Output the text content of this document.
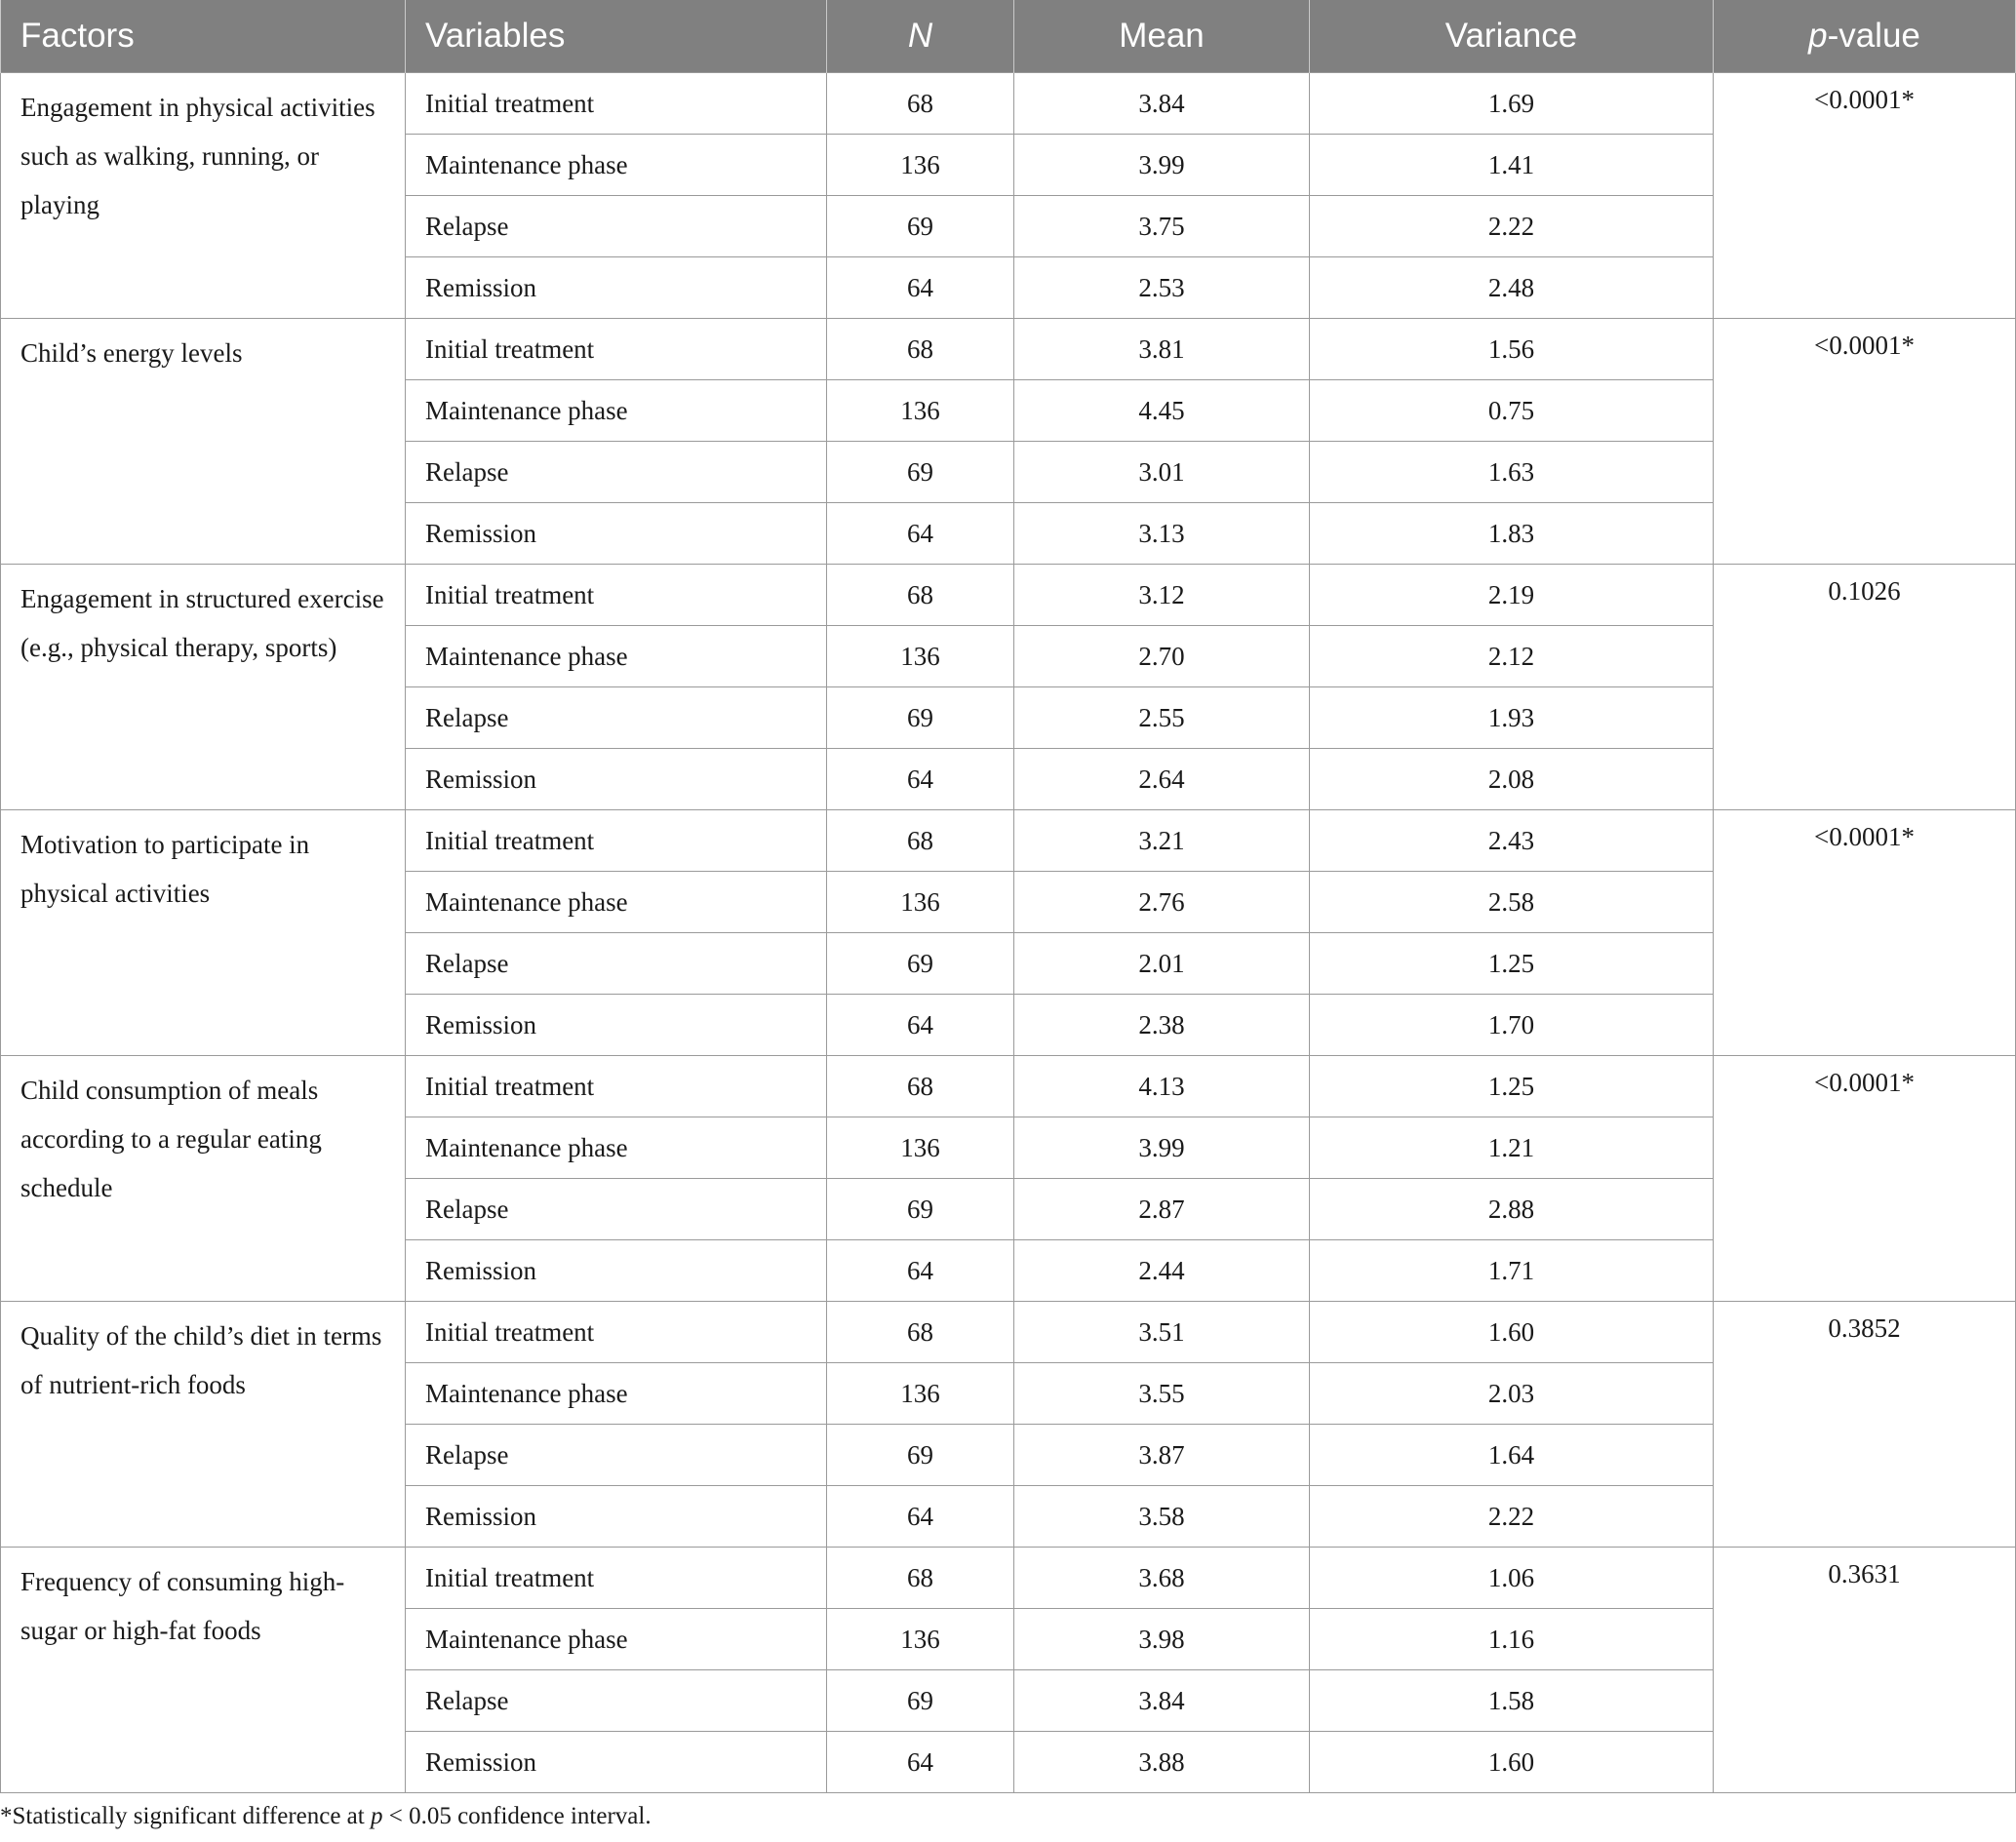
Factors	Variables	N	Mean	Variance	p-value
Engagement in physical activities such as walking, running, or playing	Initial treatment	68	3.84	1.69	<0.0001*
	Maintenance phase	136	3.99	1.41	
	Relapse	69	3.75	2.22	
	Remission	64	2.53	2.48	
Child’s energy levels	Initial treatment	68	3.81	1.56	<0.0001*
	Maintenance phase	136	4.45	0.75	
	Relapse	69	3.01	1.63	
	Remission	64	3.13	1.83	
Engagement in structured exercise (e.g., physical therapy, sports)	Initial treatment	68	3.12	2.19	0.1026
	Maintenance phase	136	2.70	2.12	
	Relapse	69	2.55	1.93	
	Remission	64	2.64	2.08	
Motivation to participate in physical activities	Initial treatment	68	3.21	2.43	<0.0001*
	Maintenance phase	136	2.76	2.58	
	Relapse	69	2.01	1.25	
	Remission	64	2.38	1.70	
Child consumption of meals according to a regular eating schedule	Initial treatment	68	4.13	1.25	<0.0001*
	Maintenance phase	136	3.99	1.21	
	Relapse	69	2.87	2.88	
	Remission	64	2.44	1.71	
Quality of the child’s diet in terms of nutrient-rich foods	Initial treatment	68	3.51	1.60	0.3852
	Maintenance phase	136	3.55	2.03	
	Relapse	69	3.87	1.64	
	Remission	64	3.58	2.22	
Frequency of consuming high-sugar or high-fat foods	Initial treatment	68	3.68	1.06	0.3631
	Maintenance phase	136	3.98	1.16	
	Relapse	69	3.84	1.58	
	Remission	64	3.88	1.60	
*Statistically significant difference at p < 0.05 confidence interval.
